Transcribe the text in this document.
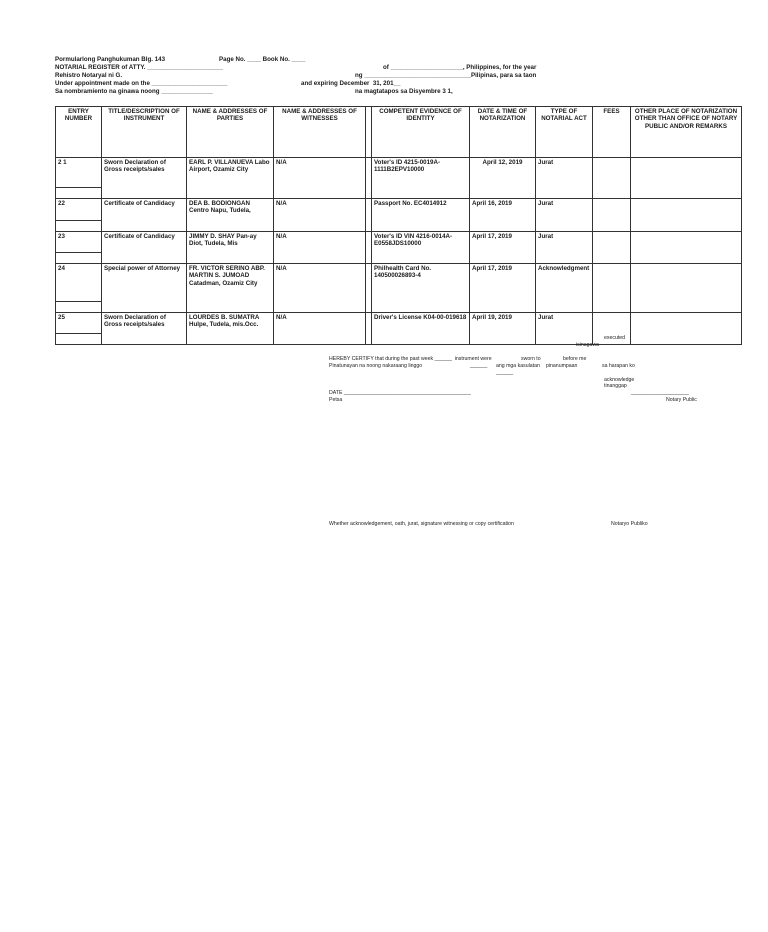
Pormularlong Panghukuman Blg. 143	Page No. ____ Book No. ____
NOTARIAL REGISTER of ATTY. ______________________	of _____________________, Philippines, for the year
Rehistro Notaryal ni G.	ng _______________________________Pilipinas, para sa taon
Under appointment made on the ______________________	and expiring December  31, 201__
Sa nombramiento na ginawa noong _______________	na magtatapos sa Disyembre 3 1,
ENTRY NUMBER	TITLE/DESCRIPTION OF INSTRUMENT	NAME & ADDRESSES OF PARTIES	NAME & ADDRESSES OF WITNESSES		COMPETENT EVIDENCE OF IDENTITY	DATE & TIME OF NOTARIZATION	TYPE OF NOTARIAL ACT	FEES	OTHER PLACE OF NOTARIZATION OTHER THAN OFFICE OF NOTARY PUBLIC AND/OR REMARKS

2 1	Sworn Declaration of Gross receipts/sales	EARL P. VILLANUEVA Labo Airport, Ozamiz City	N/A		Voter's ID 4215-0019A-1111B2EPV10000	April 12, 2019	Jurat		

22	Certificate of Candidacy	DEA B. BODIONGAN Centro Napu, Tudela,	N/A		Passport No. EC4014912	April 16, 2019	Jurat		

23	Certificate of Candidacy	JIMMY D. SHAY Pan-ay Diot, Tudela, Mis	N/A		Voter's ID VIN 4216-0014A-E0558JDS10000	April 17, 2019	Jurat		

24	Special power of Attorney	FR. VICTOR SERINO ABP. MARTIN S. JUMOAD Catadman, Ozamiz City	N/A		Philhealth Card No. 140500026893-4	April 17, 2019	Acknowledgment		

25	Sworn Declaration of Gross receipts/sales	LOURDES B. SUMATRA Hulpe, Tudela, mis.Occ.	N/A		Driver's License K04-00-019618	April 19, 2019	Jurat		
executed
isinagawa
HEREBY CERTIFY that during the past week ______  instrument were	sworn to	before me
Pinatunayan na noong nakaraang linggo	______ ang mga kasulatan pinanumpaan	sa harapan ko
______
acknowledge
tinanggap
DATE ____________________________________________	____________________
Petsa	Notary Public
Whether acknowledgement, oath, jurat, signature witnessing or copy certification	Notaryo Publiko
